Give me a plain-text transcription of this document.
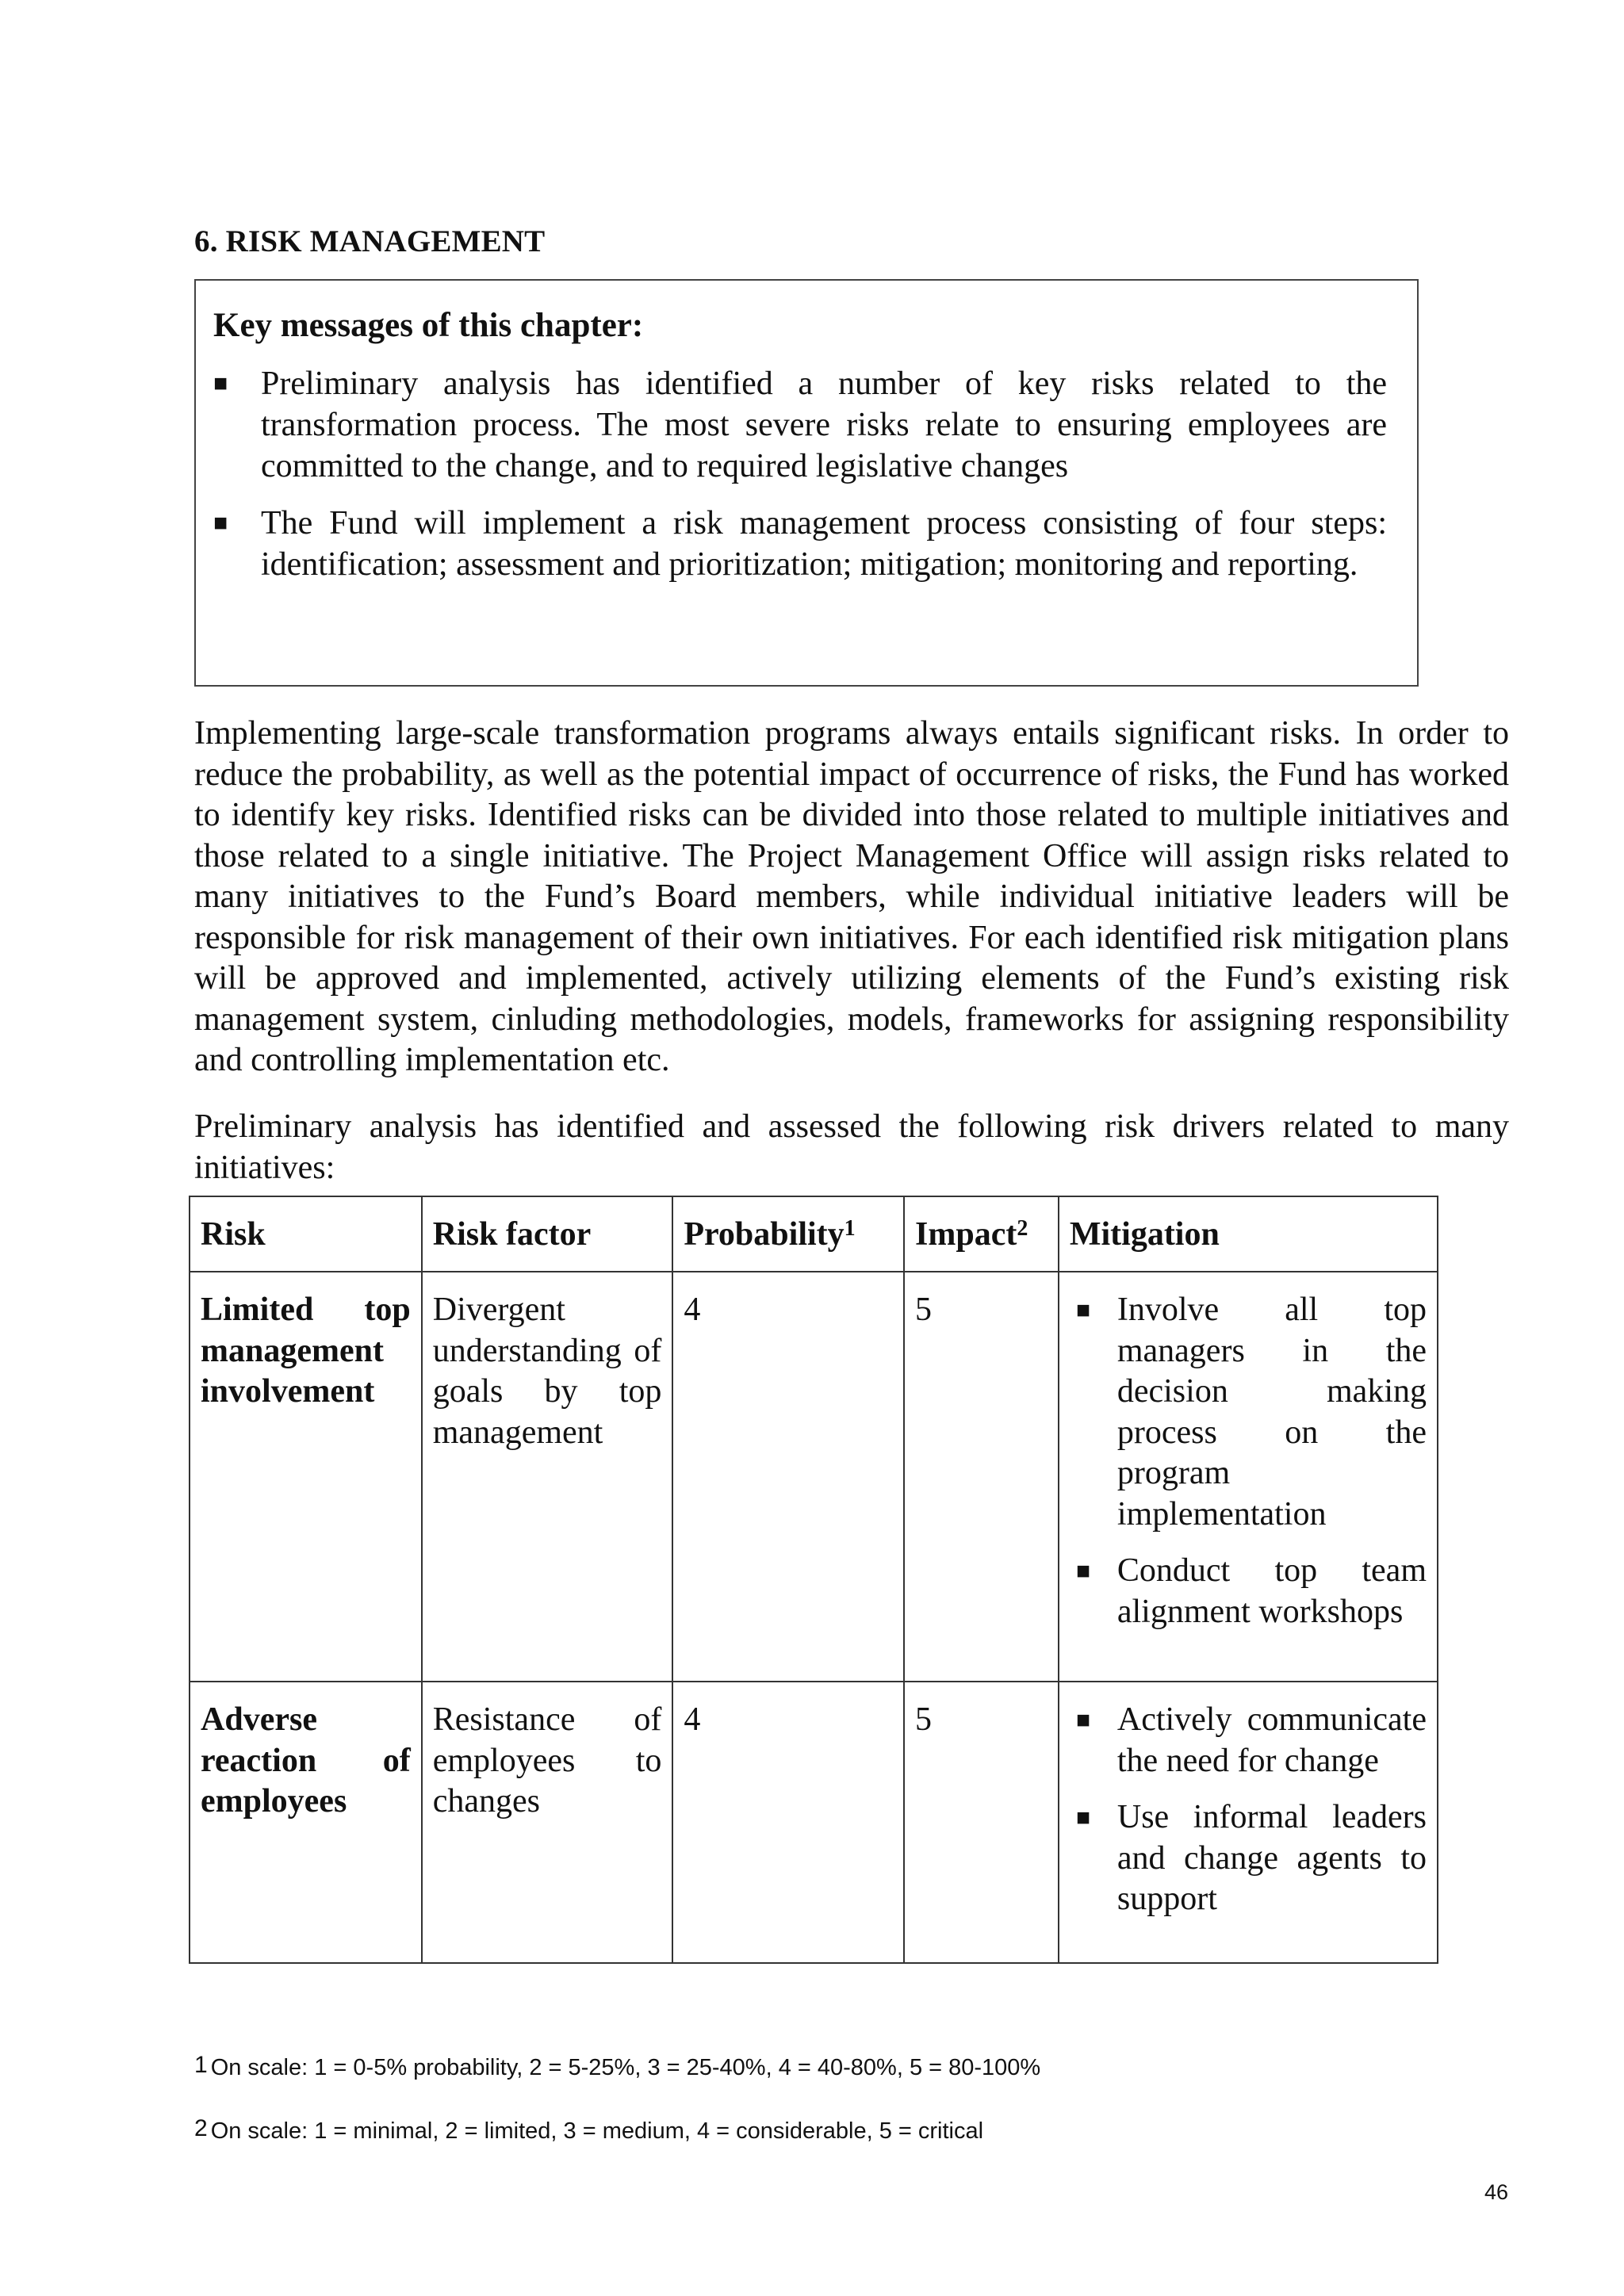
6. RISK MANAGEMENT
Key messages of this chapter:
■ Preliminary analysis has identified a number of key risks related to the transformation process. The most severe risks relate to ensuring employees are committed to the change, and to required legislative changes
■ The Fund will implement a risk management process consisting of four steps: identification; assessment and prioritization; mitigation; monitoring and reporting.

Implementing large-scale transformation programs always entails significant risks. In order to reduce the probability, as well as the potential impact of occurrence of risks, the Fund has worked to identify key risks. Identified risks can be divided into those related to multiple initiatives and those related to a single initiative. The Project Management Office will assign risks related to many initiatives to the Fund’s Board members, while individual initiative leaders will be responsible for risk management of their own initiatives. For each identified risk mitigation plans will be approved and implemented, actively utilizing elements of the Fund’s existing risk management system, cinluding methodologies, models, frameworks for assigning responsibility and controlling implementation etc.

Preliminary analysis has identified and assessed the following risk drivers related to many initiatives:

Risk	Risk factor	Probability$^1$	Impact$^2$	Mitigation

Limited top management involvement	Divergent understanding of goals by top management	4	5	■ Involve all top managers in the decision making process on the program implementation
■ Conduct top team alignment workshops

Adverse reaction of employees	Resistance of employees to changes	4	5	■ Actively communicate the need for change
■ Use informal leaders and change agents to support
$^1$ On scale: 1 = 0-5% probability, 2 = 5-25%, 3 = 25-40%, 4 = 40-80%, 5 = 80-100%
$^2$ On scale: 1 = minimal, 2 = limited, 3 = medium, 4 = considerable, 5 = critical
46
